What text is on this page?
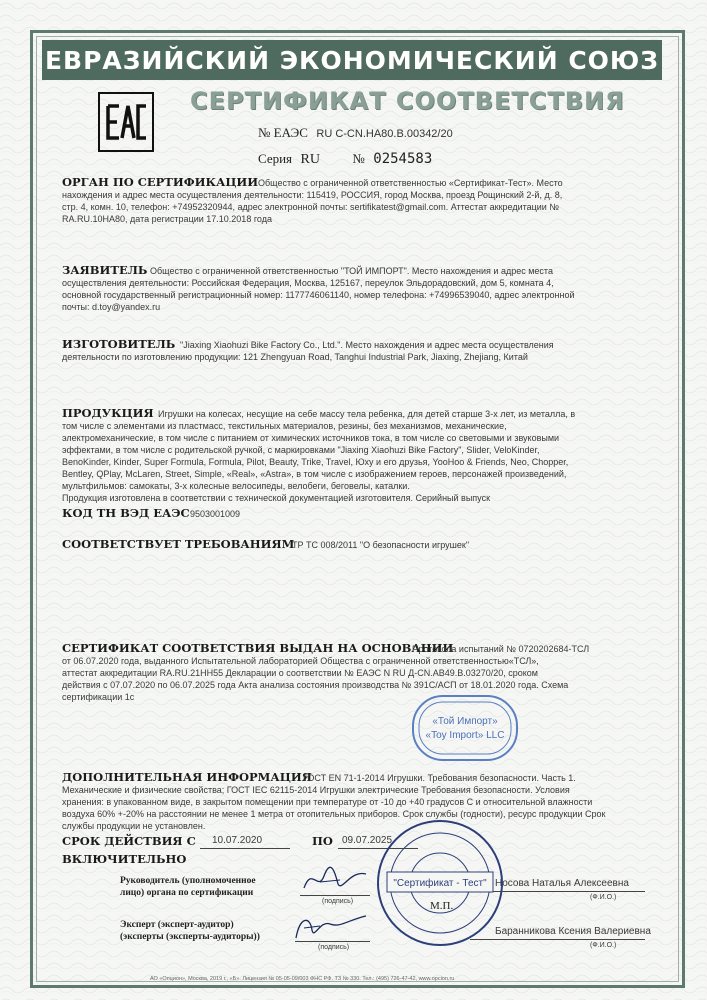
ЕВРАЗИЙСКИЙ ЭКОНОМИЧЕСКИЙ СОЮЗ
СЕРТИФИКАТ СООТВЕТСТВИЯ
№ ЕАЭС RU C-CN.HA80.B.00342/20
Серия RU № 0254583
ОРГАН ПО СЕРТИФИКАЦИИ Общество с ограниченной ответственностью «Сертификат-Тест». Место
нахождения и адрес места осуществления деятельности: 115419, РОССИЯ, город Москва, проезд Рощинский 2-й, д. 8,
стр. 4, комн. 10, телефон: +74952320944, адрес электронной почты: sertifikatest@gmail.com. Аттестат аккредитации №
RA.RU.10HA80, дата регистрации 17.10.2018 года
ЗАЯВИТЕЛЬ Общество с ограниченной ответственностью "ТОЙ ИМПОРТ". Место нахождения и адрес места
осуществления деятельности: Российская Федерация, Москва, 125167, переулок Эльдорадовский, дом 5, комната 4,
основной государственный регистрационный номер: 1177746061140, номер телефона: +74996539040, адрес электронной
почты: d.toy@yandex.ru
ИЗГОТОВИТЕЛЬ "Jiaxing Xiaohuzi Bike Factory Co., Ltd.". Место нахождения и адрес места осуществления
деятельности по изготовлению продукции: 121 Zhengyuan Road, Tanghui Industrial Park, Jiaxing, Zhejiang, Китай
ПРОДУКЦИЯ Игрушки на колесах, несущие на себе массу тела ребенка, для детей старше 3-х лет, из металла, в
том числе с элементами из пластмасс, текстильных материалов, резины, без механизмов, механические,
электромеханические, в том числе с питанием от химических источников тока, в том числе со световыми и звуковыми
эффектами, в том числе с родительской ручкой, с маркировками "Jiaxing Xiaohuzi Bike Factory", Slider, VeloKinder,
BenoKinder, Kinder, Super Formula, Formula, Pilot, Beauty, Trike, Travel, Юху и его друзья, YooHoo & Friends, Neo, Chopper,
Bentley, QPlay, McLaren, Street, Simple, «Real», «Astra», в том числе с изображением героев, персонажей произведений,
мультфильмов: самокаты, 3-х колесные велосипеды, велобеги, беговелы, каталки.
Продукция изготовлена в соответствии с технической документацией изготовителя. Серийный выпуск
КОД ТН ВЭД ЕАЭС 9503001009
СООТВЕТСТВУЕТ ТРЕБОВАНИЯМ
ТР ТС 008/2011 "О безопасности игрушек"
СЕРТИФИКАТ СООТВЕТСТВИЯ ВЫДАН НА ОСНОВАНИИ
Протокола испытаний № 0720202684-ТСЛ
от 06.07.2020 года, выданного Испытательной лабораторией Общества с ограниченной ответственностью«ТСЛ»,
аттестат аккредитации RA.RU.21HH55 Декларации о соответствии № ЕАЭС N RU Д-CN.AB49.B.03270/20, сроком
действия с 07.07.2020 по 06.07.2025 года Акта анализа состояния производства № 391С/АСП от 18.01.2020 года. Схема
сертификации 1с
«Той Импорт»
«Toy Import» LLC
ДОПОЛНИТЕЛЬНАЯ ИНФОРМАЦИЯ
ГОСТ EN 71-1-2014 Игрушки. Требования безопасности. Часть 1.
Механические и физические свойства; ГОСТ IEC 62115-2014 Игрушки электрические Требования безопасности. Условия
хранения: в упакованном виде, в закрытом помещении при температуре от -10 до +40 градусов С и относительной влажности
воздуха 60% +-20% на расстоянии не менее 1 метра от отопительных приборов. Срок службы (годности), ресурс продукции Срок
службы продукции не установлен.
СРОК ДЕЙСТВИЯ С 10.07.2020	ПО 09.07.2025
ВКЛЮЧИТЕЛЬНО
Руководитель (уполномоченное
лицо) органа по сертификации
(подпись)
Носова Наталья Алексеевна
(Ф.И.О.)
М.П.
Эксперт (эксперт-аудитор)
(эксперты (эксперты-аудиторы))
(подпись)
Баранникова Ксения Валериевна
(Ф.И.О.)
"Сертификат - Тест"
АО «Опцион», Москва, 2019 г., «Б». Лицензия № 05-05-09/003 ФНС РФ. ТЗ № 330. Тел.: (495) 726-47-42, www.opcion.ru
